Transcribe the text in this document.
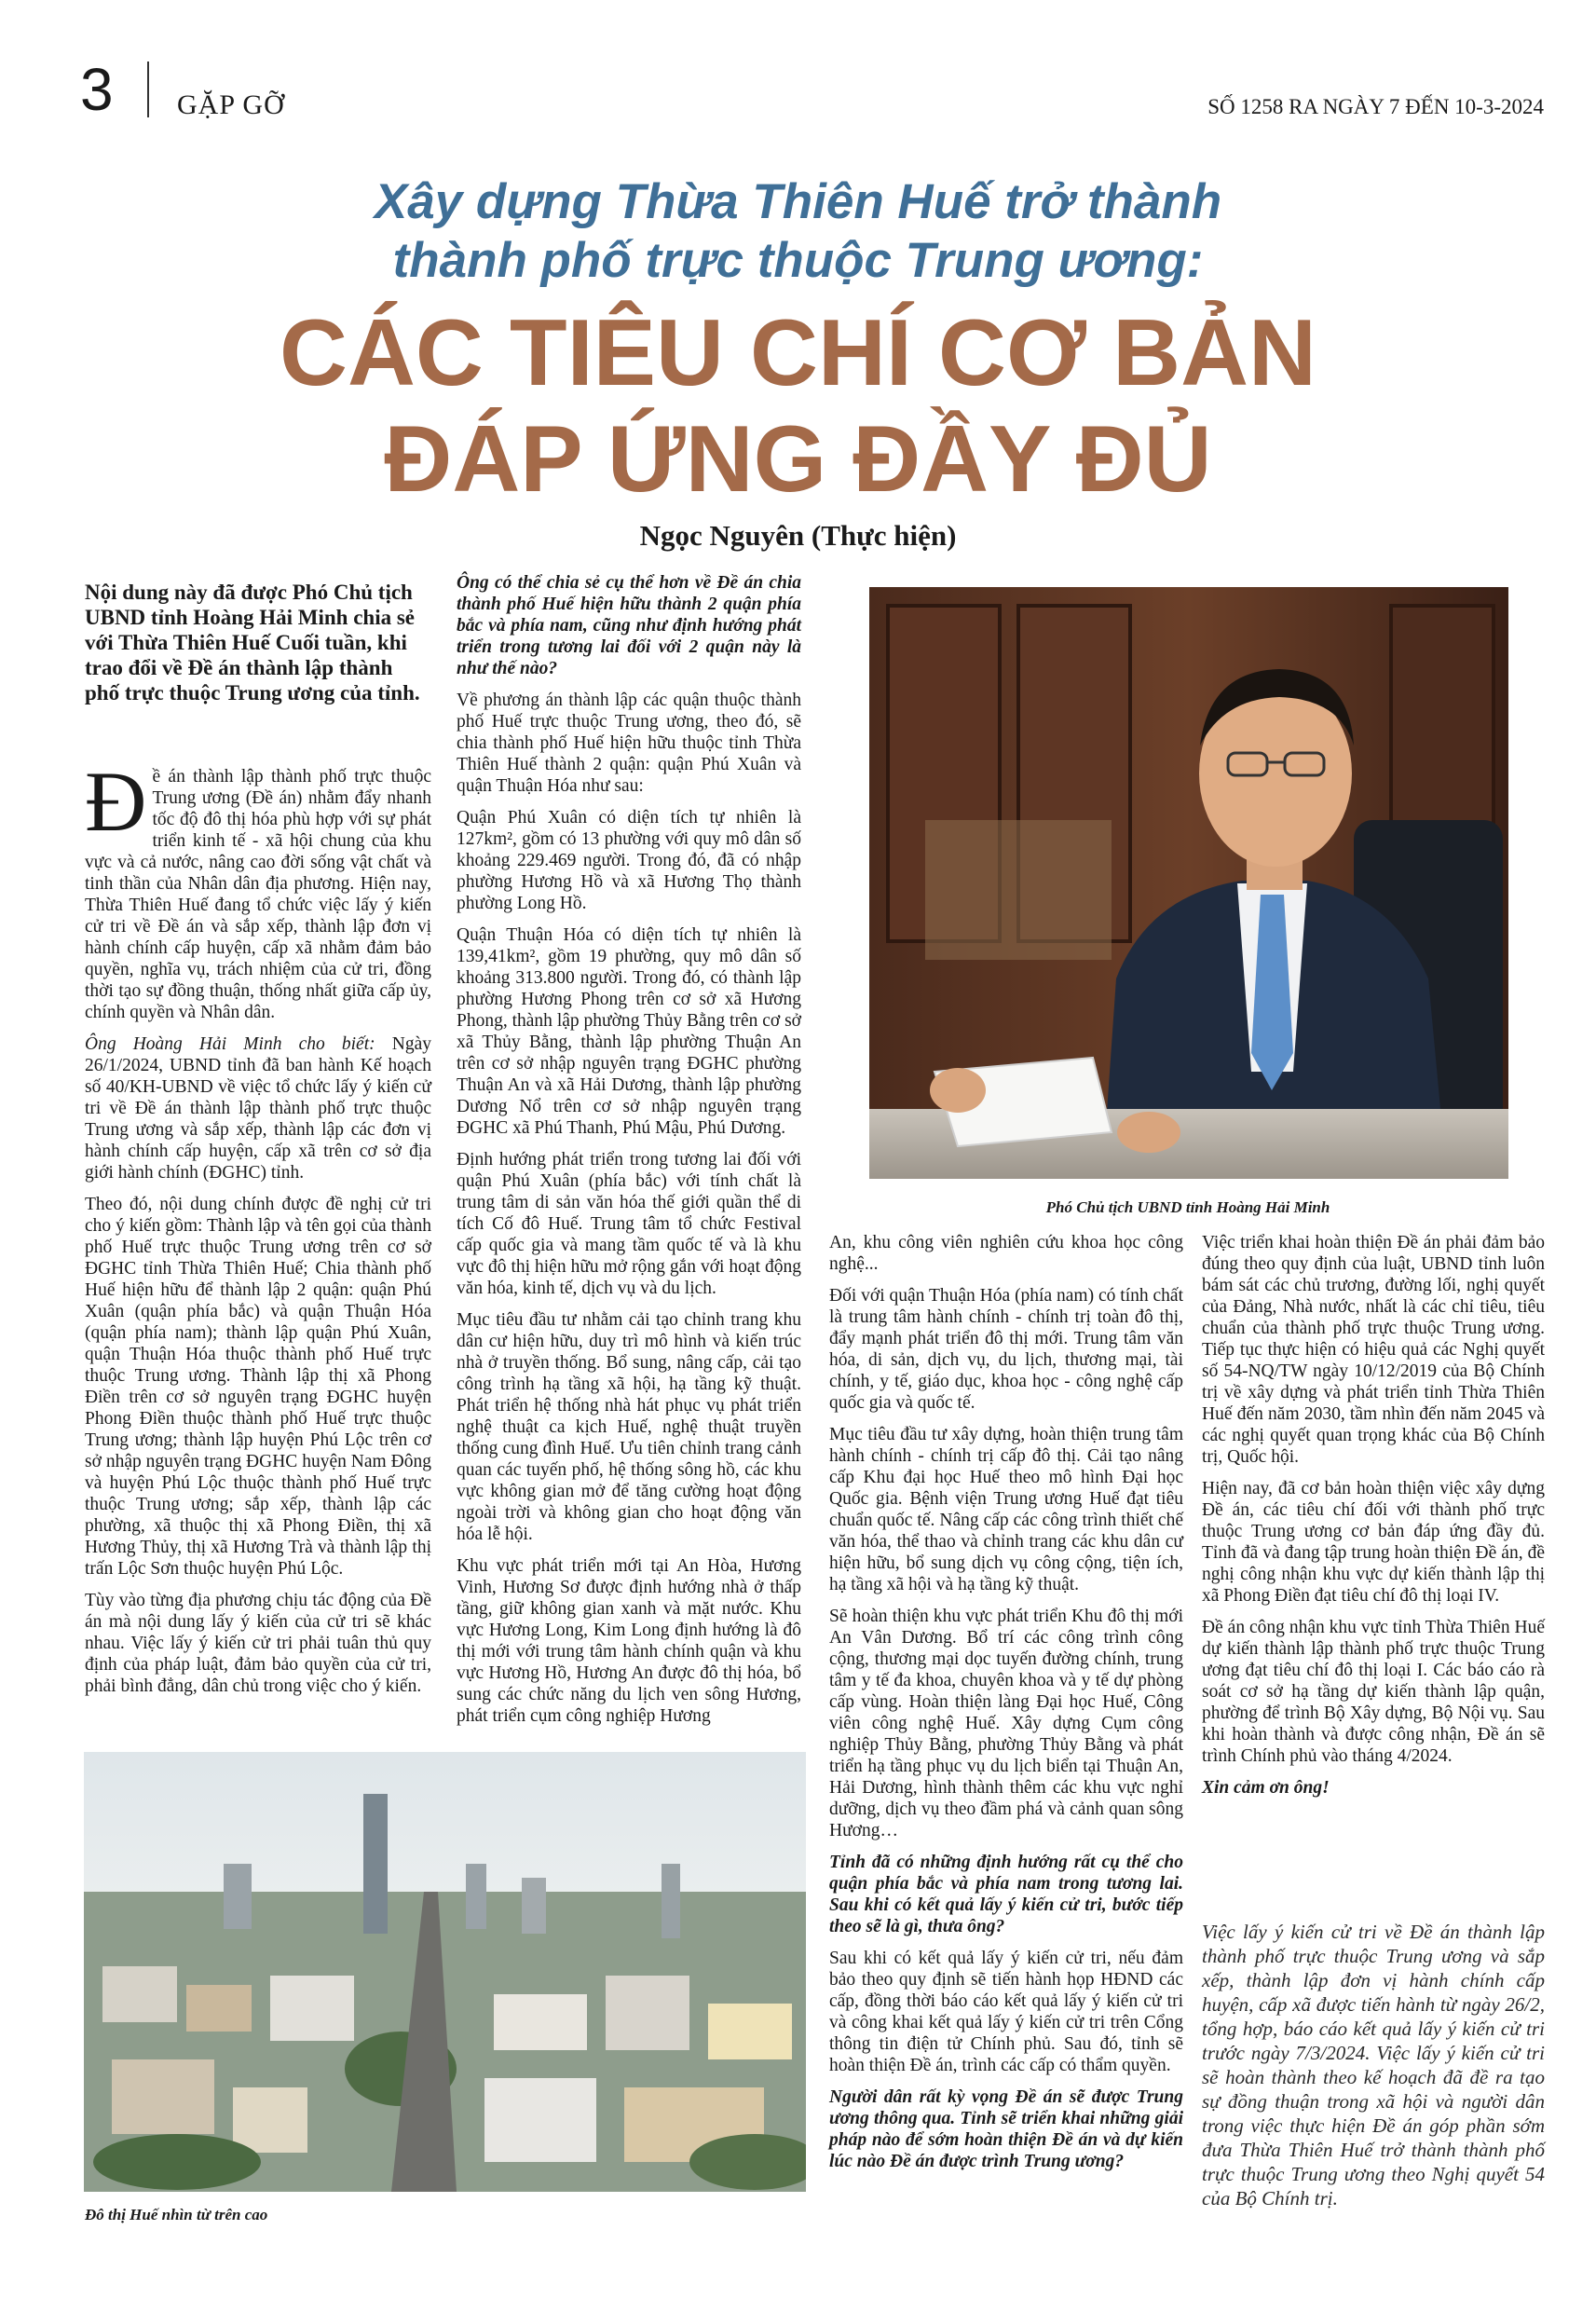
3 GẶP GỠ	SỐ 1258 RA NGÀY 7 ĐẾN 10-3-2024
Xây dựng Thừa Thiên Huế trở thành
thành phố trực thuộc Trung ương:
CÁC TIÊU CHÍ CƠ BẢN
ĐÁP ỨNG ĐẦY ĐỦ
Ngọc Nguyên (Thực hiện)
Nội dung này đã được Phó Chủ tịch UBND tỉnh Hoàng Hải Minh chia sẻ với Thừa Thiên Huế Cuối tuần, khi trao đổi về Đề án thành lập thành phố trực thuộc Trung ương của tỉnh.

Đề án thành lập thành phố trực thuộc Trung ương (Đề án) nhằm đẩy nhanh tốc độ đô thị hóa phù hợp với sự phát triển kinh tế - xã hội chung của khu vực và cả nước, nâng cao đời sống vật chất và tinh thần của Nhân dân địa phương. Hiện nay, Thừa Thiên Huế đang tổ chức việc lấy ý kiến cử tri về Đề án và sắp xếp, thành lập đơn vị hành chính cấp huyện, cấp xã nhằm đảm bảo quyền, nghĩa vụ, trách nhiệm của cử tri, đồng thời tạo sự đồng thuận, thống nhất giữa cấp ủy, chính quyền và Nhân dân.

Ông Hoàng Hải Minh cho biết: Ngày 26/1/2024, UBND tỉnh đã ban hành Kế hoạch số 40/KH-UBND về việc tổ chức lấy ý kiến cử tri về Đề án thành lập thành phố trực thuộc Trung ương và sắp xếp, thành lập các đơn vị hành chính cấp huyện, cấp xã trên cơ sở địa giới hành chính (ĐGHC) tỉnh.

Theo đó, nội dung chính được đề nghị cử tri cho ý kiến gồm: Thành lập và tên gọi của thành phố Huế trực thuộc Trung ương trên cơ sở ĐGHC tỉnh Thừa Thiên Huế; Chia thành phố Huế hiện hữu để thành lập 2 quận: quận Phú Xuân (quận phía bắc) và quận Thuận Hóa (quận phía nam); thành lập quận Phú Xuân, quận Thuận Hóa thuộc thành phố Huế trực thuộc Trung ương. Thành lập thị xã Phong Điền trên cơ sở nguyên trạng ĐGHC huyện Phong Điền thuộc thành phố Huế trực thuộc Trung ương; thành lập huyện Phú Lộc trên cơ sở nhập nguyên trạng ĐGHC huyện Nam Đông và huyện Phú Lộc thuộc thành phố Huế trực thuộc Trung ương; sắp xếp, thành lập các phường, xã thuộc thị xã Phong Điền, thị xã Hương Thủy, thị xã Hương Trà và thành lập thị trấn Lộc Sơn thuộc huyện Phú Lộc.

Tùy vào từng địa phương chịu tác động của Đề án mà nội dung lấy ý kiến của cử tri sẽ khác nhau. Việc lấy ý kiến cử tri phải tuân thủ quy định của pháp luật, đảm bảo quyền của cử tri, phải bình đẳng, dân chủ trong việc cho ý kiến.

Ông có thể chia sẻ cụ thể hơn về Đề án chia thành phố Huế hiện hữu thành 2 quận phía bắc và phía nam, cũng như định hướng phát triển trong tương lai đối với 2 quận này là như thế nào?

Về phương án thành lập các quận thuộc thành phố Huế trực thuộc Trung ương, theo đó, sẽ chia thành phố Huế hiện hữu thuộc tỉnh Thừa Thiên Huế thành 2 quận: quận Phú Xuân và quận Thuận Hóa như sau:

Quận Phú Xuân có diện tích tự nhiên là 127km², gồm có 13 phường với quy mô dân số khoảng 229.469 người. Trong đó, đã có nhập phường Hương Hồ và xã Hương Thọ thành phường Long Hồ.

Quận Thuận Hóa có diện tích tự nhiên là 139,41km², gồm 19 phường, quy mô dân số khoảng 313.800 người. Trong đó, có thành lập phường Hương Phong trên cơ sở xã Hương Phong, thành lập phường Thủy Bằng trên cơ sở xã Thủy Bằng, thành lập phường Thuận An trên cơ sở nhập nguyên trạng ĐGHC phường Thuận An và xã Hải Dương, thành lập phường Dương Nổ trên cơ sở nhập nguyên trạng ĐGHC xã Phú Thanh, Phú Mậu, Phú Dương.

Định hướng phát triển trong tương lai đối với quận Phú Xuân (phía bắc) với tính chất là trung tâm di sản văn hóa thế giới quần thể di tích Cố đô Huế. Trung tâm tổ chức Festival cấp quốc gia và mang tầm quốc tế và là khu vực đô thị hiện hữu mở rộng gắn với hoạt động văn hóa, kinh tế, dịch vụ và du lịch.

Mục tiêu đầu tư nhằm cải tạo chỉnh trang khu dân cư hiện hữu, duy trì mô hình và kiến trúc nhà ở truyền thống. Bổ sung, nâng cấp, cải tạo công trình hạ tầng xã hội, hạ tầng kỹ thuật. Phát triển hệ thống nhà hát phục vụ phát triển nghệ thuật ca kịch Huế, nghệ thuật truyền thống cung đình Huế. Ưu tiên chỉnh trang cảnh quan các tuyến phố, hệ thống sông hồ, các khu vực không gian mở để tăng cường hoạt động ngoài trời và không gian cho hoạt động văn hóa lễ hội.

Khu vực phát triển mới tại An Hòa, Hương Vinh, Hương Sơ được định hướng nhà ở thấp tầng, giữ không gian xanh và mặt nước. Khu vực Hương Long, Kim Long định hướng là đô thị mới với trung tâm hành chính quận và khu vực Hương Hồ, Hương An được đô thị hóa, bổ sung các chức năng du lịch ven sông Hương, phát triển cụm công nghiệp Hương

Phó Chủ tịch UBND tỉnh Hoàng Hải Minh

An, khu công viên nghiên cứu khoa học công nghệ...

Đối với quận Thuận Hóa (phía nam) có tính chất là trung tâm hành chính - chính trị toàn đô thị, đẩy mạnh phát triển đô thị mới. Trung tâm văn hóa, di sản, dịch vụ, du lịch, thương mại, tài chính, y tế, giáo dục, khoa học - công nghệ cấp quốc gia và quốc tế.

Mục tiêu đầu tư xây dựng, hoàn thiện trung tâm hành chính - chính trị cấp đô thị. Cải tạo nâng cấp Khu đại học Huế theo mô hình Đại học Quốc gia. Bệnh viện Trung ương Huế đạt tiêu chuẩn quốc tế. Nâng cấp các công trình thiết chế văn hóa, thể thao và chỉnh trang các khu dân cư hiện hữu, bổ sung dịch vụ công cộng, tiện ích, hạ tầng xã hội và hạ tầng kỹ thuật.

Sẽ hoàn thiện khu vực phát triển Khu đô thị mới An Vân Dương. Bổ trí các công trình công cộng, thương mại dọc tuyến đường chính, trung tâm y tế đa khoa, chuyên khoa và y tế dự phòng cấp vùng. Hoàn thiện làng Đại học Huế, Công viên công nghệ Huế. Xây dựng Cụm công nghiệp Thủy Bằng, phường Thủy Bằng và phát triển hạ tầng phục vụ du lịch biển tại Thuận An, Hải Dương, hình thành thêm các khu vực nghỉ dưỡng, dịch vụ theo đầm phá và cảnh quan sông Hương…

Tỉnh đã có những định hướng rất cụ thể cho quận phía bắc và phía nam trong tương lai. Sau khi có kết quả lấy ý kiến cử tri, bước tiếp theo sẽ là gì, thưa ông?

Sau khi có kết quả lấy ý kiến cử tri, nếu đảm bảo theo quy định sẽ tiến hành họp HĐND các cấp, đồng thời báo cáo kết quả lấy ý kiến cử tri và công khai kết quả lấy ý kiến cử tri trên Cổng thông tin điện tử Chính phủ. Sau đó, tỉnh sẽ hoàn thiện Đề án, trình các cấp có thẩm quyền.

Người dân rất kỳ vọng Đề án sẽ được Trung ương thông qua. Tỉnh sẽ triển khai những giải pháp nào để sớm hoàn thiện Đề án và dự kiến lúc nào Đề án được trình Trung ương?

Việc triển khai hoàn thiện Đề án phải đảm bảo đúng theo quy định của luật, UBND tỉnh luôn bám sát các chủ trương, đường lối, nghị quyết của Đảng, Nhà nước, nhất là các chỉ tiêu, tiêu chuẩn của thành phố trực thuộc Trung ương. Tiếp tục thực hiện có hiệu quả các Nghị quyết số 54-NQ/TW ngày 10/12/2019 của Bộ Chính trị về xây dựng và phát triển tỉnh Thừa Thiên Huế đến năm 2030, tầm nhìn đến năm 2045 và các nghị quyết quan trọng khác của Bộ Chính trị, Quốc hội.

Hiện nay, đã cơ bản hoàn thiện việc xây dựng Đề án, các tiêu chí đối với thành phố trực thuộc Trung ương cơ bản đáp ứng đầy đủ. Tỉnh đã và đang tập trung hoàn thiện Đề án, đề nghị công nhận khu vực dự kiến thành lập thị xã Phong Điền đạt tiêu chí đô thị loại IV.

Đề án công nhận khu vực tỉnh Thừa Thiên Huế dự kiến thành lập thành phố trực thuộc Trung ương đạt tiêu chí đô thị loại I. Các báo cáo rà soát cơ sở hạ tầng dự kiến thành lập quận, phường để trình Bộ Xây dựng, Bộ Nội vụ. Sau khi hoàn thành và được công nhận, Đề án sẽ trình Chính phủ vào tháng 4/2024.

Xin cảm ơn ông!

Việc lấy ý kiến cử tri về Đề án thành lập thành phố trực thuộc Trung ương và sắp xếp, thành lập đơn vị hành chính cấp huyện, cấp xã được tiến hành từ ngày 26/2, tổng hợp, báo cáo kết quả lấy ý kiến cử tri trước ngày 7/3/2024. Việc lấy ý kiến cử tri sẽ hoàn thành theo kế hoạch đã đề ra tạo sự đồng thuận trong xã hội và người dân trong việc thực hiện Đề án góp phần sớm đưa Thừa Thiên Huế trở thành thành phố trực thuộc Trung ương theo Nghị quyết 54 của Bộ Chính trị.
Đô thị Huế nhìn từ trên cao
